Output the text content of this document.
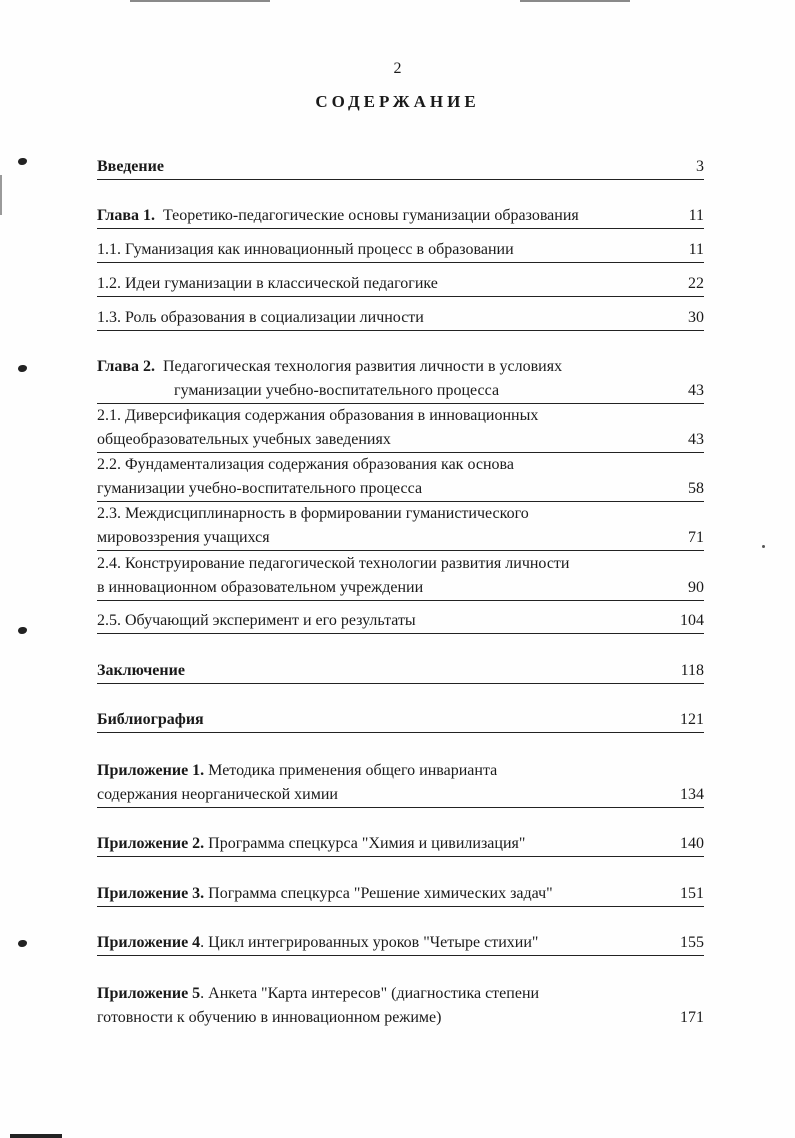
2
СОДЕРЖАНИЕ
Введение	3
Глава 1. Теоретико-педагогические основы гуманизации образования	11
1.1. Гуманизация как инновационный процесс в образовании	11
1.2. Идеи гуманизации в классической педагогике	22
1.3. Роль образования в социализации личности	30
Глава 2. Педагогическая технология развития личности в условиях
гуманизации учебно-воспитательного процесса	43
2.1. Диверсификация содержания образования в инновационных
общеобразовательных учебных заведениях	43
2.2. Фундаментализация содержания образования как основа
гуманизации учебно-воспитательного процесса	58
2.3. Междисциплинарность в формировании гуманистического
мировоззрения учащихся	71
2.4. Конструирование педагогической технологии развития личности
в инновационном образовательном учреждении	90
2.5. Обучающий эксперимент и его результаты	104
Заключение	118
Библиография	121
Приложение 1. Методика применения общего инварианта
содержания неорганической химии	134
Приложение 2. Программа спецкурса "Химия и цивилизация"	140
Приложение 3. Пограмма спецкурса "Решение химических задач"	151
Приложение 4. Цикл интегрированных уроков "Четыре стихии"	155
Приложение 5. Анкета "Карта интересов" (диагностика степени
готовности к обучению в инновационном режиме)	171
